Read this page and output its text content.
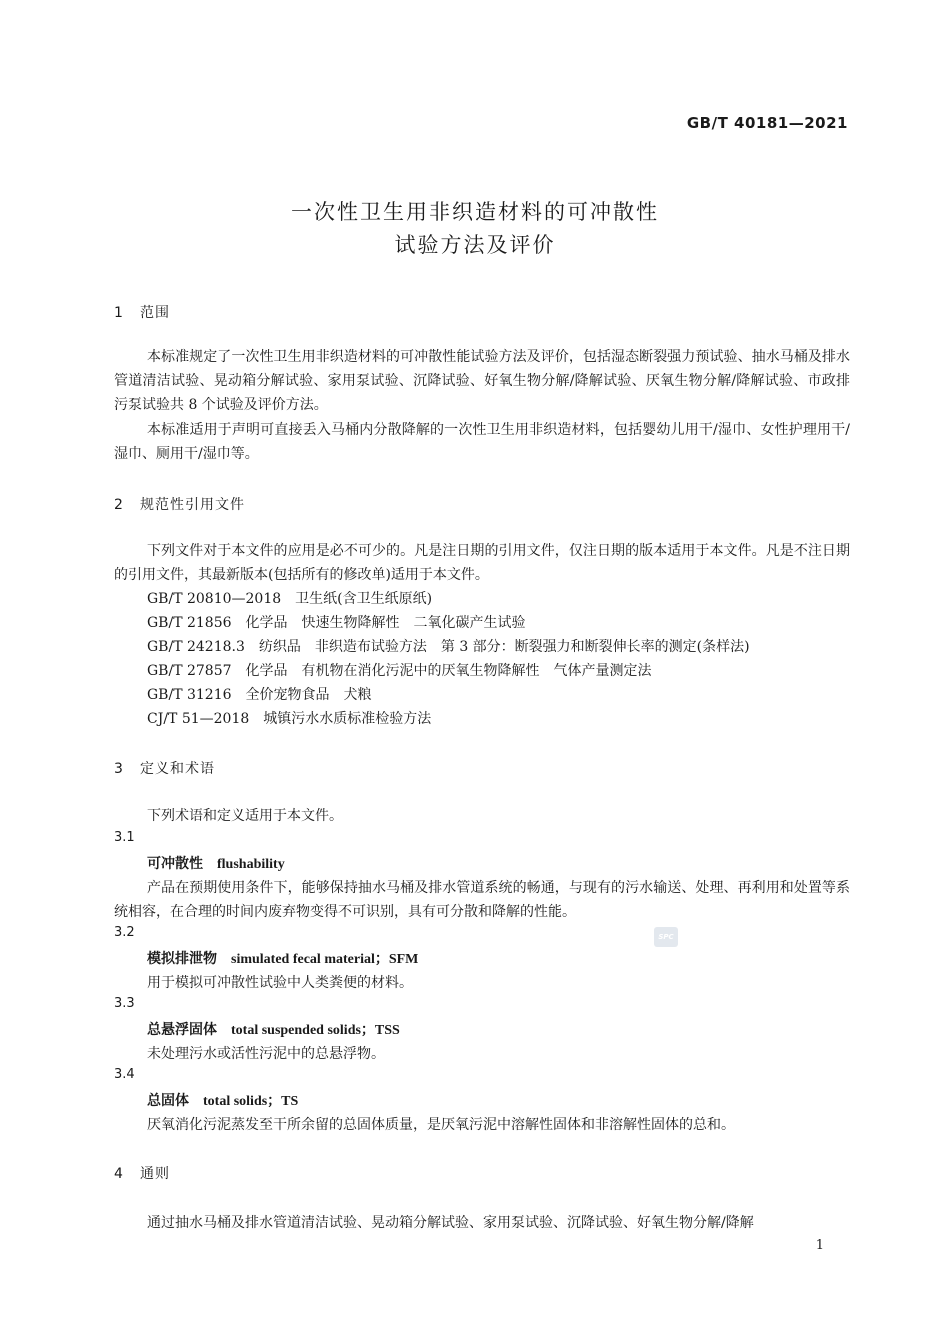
GB/T 40181—2021
一次性卫生用非织造材料的可冲散性
试验方法及评价
1 范围
本标准规定了一次性卫生用非织造材料的可冲散性能试验方法及评价，包括湿态断裂强力预试验、抽水马桶及排水管道清洁试验、晃动箱分解试验、家用泵试验、沉降试验、好氧生物分解/降解试验、厌氧生物分解/降解试验、市政排污泵试验共 8 个试验及评价方法。
本标准适用于声明可直接丢入马桶内分散降解的一次性卫生用非织造材料，包括婴幼儿用干/湿巾、女性护理用干/湿巾、厕用干/湿巾等。
2 规范性引用文件
下列文件对于本文件的应用是必不可少的。凡是注日期的引用文件，仅注日期的版本适用于本文件。凡是不注日期的引用文件，其最新版本(包括所有的修改单)适用于本文件。
GB/T 20810—2018　卫生纸(含卫生纸原纸)
GB/T 21856　化学品　快速生物降解性　二氧化碳产生试验
GB/T 24218.3　纺织品　非织造布试验方法　第 3 部分：断裂强力和断裂伸长率的测定(条样法)
GB/T 27857　化学品　有机物在消化污泥中的厌氧生物降解性　气体产量测定法
GB/T 31216　全价宠物食品　犬粮
CJ/T 51—2018　城镇污水水质标准检验方法
3 定义和术语
下列术语和定义适用于本文件。
3.1
可冲散性 flushability
产品在预期使用条件下，能够保持抽水马桶及排水管道系统的畅通，与现有的污水输送、处理、再利用和处置等系统相容，在合理的时间内废弃物变得不可识别，具有可分散和降解的性能。
3.2
模拟排泄物 simulated fecal material；SFM
用于模拟可冲散性试验中人类粪便的材料。
3.3
总悬浮固体 total suspended solids；TSS
未处理污水或活性污泥中的总悬浮物。
3.4
总固体 total solids；TS
厌氧消化污泥蒸发至干所余留的总固体质量，是厌氧污泥中溶解性固体和非溶解性固体的总和。
4 通则
通过抽水马桶及排水管道清洁试验、晃动箱分解试验、家用泵试验、沉降试验、好氧生物分解/降解
SPC
1
